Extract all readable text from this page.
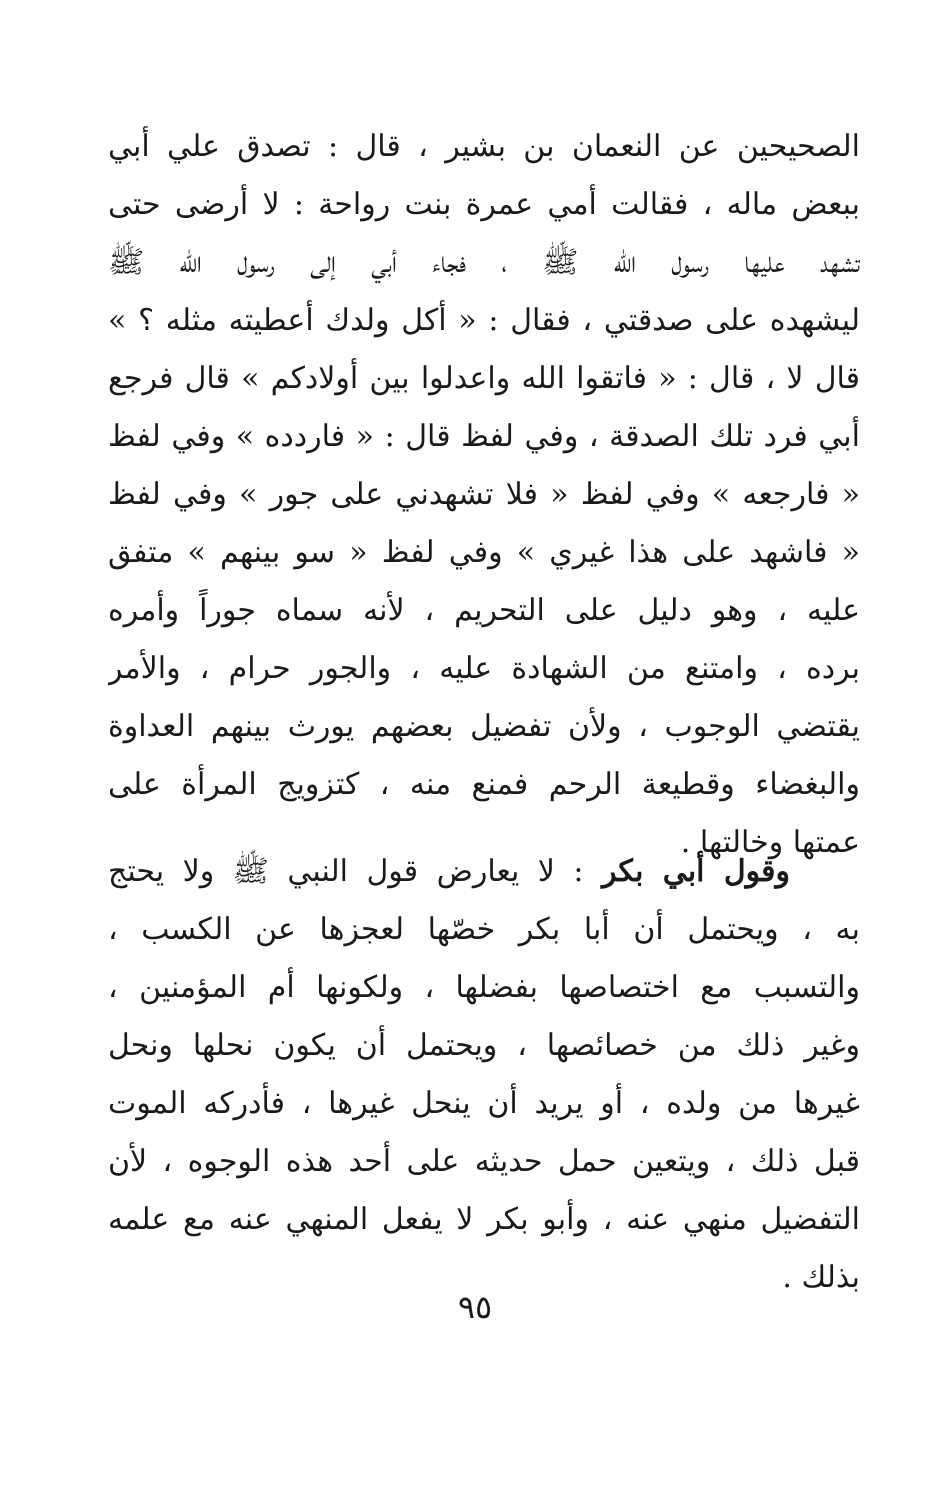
الصحيحين عن النعمان بن بشير ، قال : تصدق علي أبي
ببعض ماله ، فقالت أمي عمرة بنت رواحة : لا أرضى حتى
تشهد عليها رسول الله ﷺ ، فجاء أبي إلى رسول الله ﷺ
ليشهده على صدقتي ، فقال : « أكل ولدك أعطيته مثله ؟ »
قال لا ، قال : « فاتقوا الله واعدلوا بين أولادكم » قال فرجع
أبي فرد تلك الصدقة ، وفي لفظ قال : « فاردده » وفي لفظ
« فارجعه » وفي لفظ « فلا تشهدني على جور » وفي لفظ
« فاشهد على هذا غيري » وفي لفظ « سو بينهم » متفق
عليه ، وهو دليل على التحريم ، لأنه سماه جوراً وأمره
برده ، وامتنع من الشهادة عليه ، والجور حرام ، والأمر
يقتضي الوجوب ، ولأن تفضيل بعضهم يورث بينهم العداوة
والبغضاء وقطيعة الرحم فمنع منه ، كتزويج المرأة على
عمتها وخالتها .
وقول أبي بكر : لا يعارض قول النبي ﷺ ولا يحتج
به ، ويحتمل أن أبا بكر خصّها لعجزها عن الكسب ،
والتسبب مع اختصاصها بفضلها ، ولكونها أم المؤمنين ،
وغير ذلك من خصائصها ، ويحتمل أن يكون نحلها ونحل
غيرها من ولده ، أو يريد أن ينحل غيرها ، فأدركه الموت
قبل ذلك ، ويتعين حمل حديثه على أحد هذه الوجوه ، لأن
التفضيل منهي عنه ، وأبو بكر لا يفعل المنهي عنه مع علمه
بذلك .
٩٥
